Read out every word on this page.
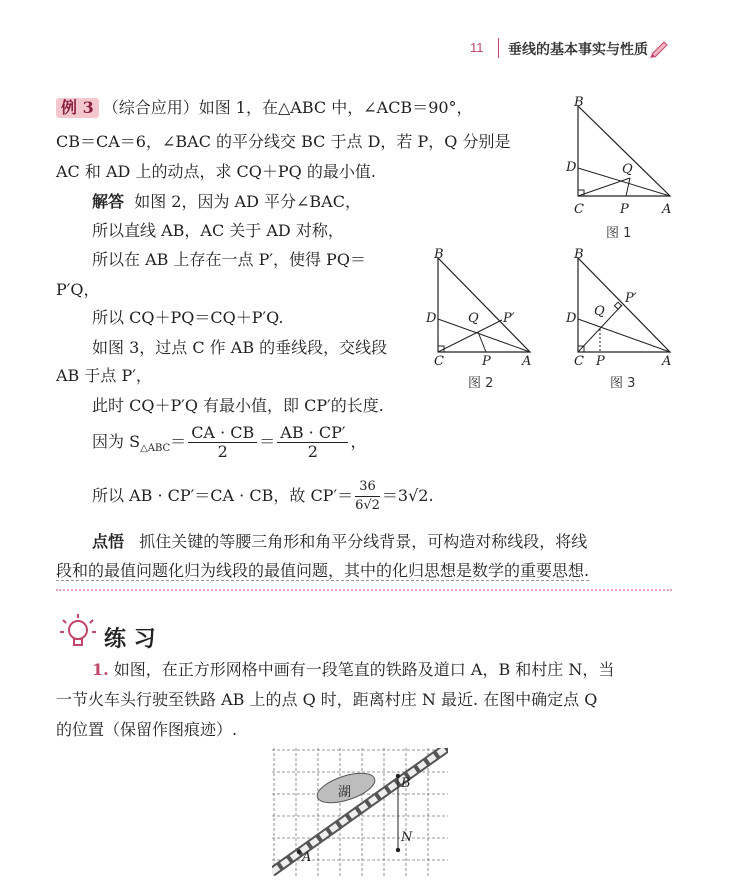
11 垂线的基本事实与性质
例 3 （综合应用）如图 1，在△ABC 中，∠ACB＝90°，
CB＝CA＝6，∠BAC 的平分线交 BC 于点 D，若 P，Q 分别是
AC 和 AD 上的动点，求 CQ＋PQ 的最小值.
解答 如图 2，因为 AD 平分∠BAC，
所以直线 AB，AC 关于 AD 对称，
所以在 AB 上存在一点 P′，使得 PQ＝
P′Q，
所以 CQ＋PQ＝CQ＋P′Q.
如图 3，过点 C 作 AB 的垂线段，交线段
AB 于点 P′，
此时 CQ＋P′Q 有最小值，即 CP′的长度.
因为 $S_{\triangle ABC}= \frac{CA \cdot CB}{2} = \frac{AB \cdot CP'}{2}$ ，
所以 AB · CP′＝CA · CB，故 $CP'= \frac{36}{6√2} =3√2$.
点悟 抓住关键的等腰三角形和角平分线背景，可构造对称线段，将线
段和的最值问题化归为线段的最值问题，其中的化归思想是数学的重要思想.
练 习
1. 如图，在正方形网格中画有一段笔直的铁路及道口 A，B 和村庄 N，当
一节火车头行驶至铁路 AB 上的点 Q 时，距离村庄 N 最近. 在图中确定点 Q
的位置（保留作图痕迹）.
B
D	Q
C	P	A
图 1
B
D Q P′
C	P A
图 2
B
D Q
P′
C P	A
图 3
湖
B
N
A
